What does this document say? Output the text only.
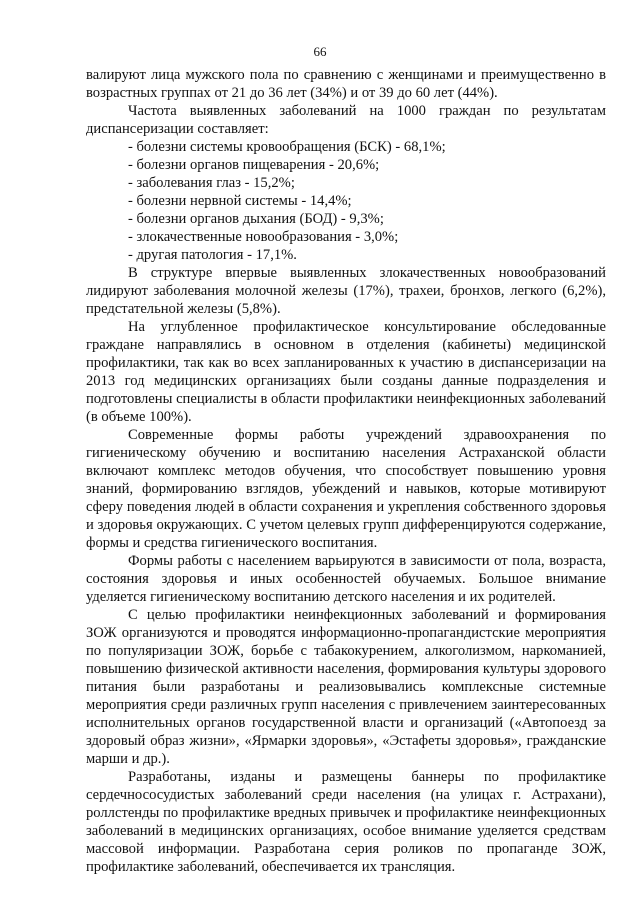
66

валируют лица мужского пола по сравнению с женщинами и преимущественно в возрастных группах от 21 до 36 лет (34%) и от 39 до 60 лет (44%).

Частота выявленных заболеваний на 1000 граждан по результатам диспансеризации составляет:

- болезни системы кровообращения (БСК) - 68,1%;
- болезни органов пищеварения - 20,6%;
- заболевания глаз - 15,2%;
- болезни нервной системы - 14,4%;
- болезни органов дыхания (БОД) - 9,3%;
- злокачественные новообразования - 3,0%;
- другая патология - 17,1%.

В структуре впервые выявленных злокачественных новообразований лидируют заболевания молочной железы (17%), трахеи, бронхов, легкого (6,2%), предстательной железы (5,8%).

На углубленное профилактическое консультирование обследованные граждане направлялись в основном в отделения (кабинеты) медицинской профилактики, так как во всех запланированных к участию в диспансеризации на 2013 год медицинских организациях были созданы данные подразделения и подготовлены специалисты в области профилактики неинфекционных заболеваний (в объеме 100%).

Современные формы работы учреждений здравоохранения по гигиеническому обучению и воспитанию населения Астраханской области включают комплекс методов обучения, что способствует повышению уровня знаний, формированию взглядов, убеждений и навыков, которые мотивируют сферу поведения людей в области сохранения и укрепления собственного здоровья и здоровья окружающих. С учетом целевых групп дифференцируются содержание, формы и средства гигиенического воспитания.

Формы работы с населением варьируются в зависимости от пола, возраста, состояния здоровья и иных особенностей обучаемых. Большое внимание уделяется гигиеническому воспитанию детского населения и их родителей.

С целью профилактики неинфекционных заболеваний и формирования ЗОЖ организуются и проводятся информационно-пропагандистские мероприятия по популяризации ЗОЖ, борьбе с табакокурением, алкоголизмом, наркоманией, повышению физической активности населения, формирования культуры здорового питания были разработаны и реализовывались комплексные системные мероприятия среди различных групп населения с привлечением заинтересованных исполнительных органов государственной власти и организаций («Автопоезд за здоровый образ жизни», «Ярмарки здоровья», «Эстафеты здоровья», гражданские марши и др.).

Разработаны, изданы и размещены баннеры по профилактике сердечнососудистых заболеваний среди населения (на улицах г. Астрахани), роллстенды по профилактике вредных привычек и профилактике неинфекционных заболеваний в медицинских организациях, особое внимание уделяется средствам массовой информации. Разработана серия роликов по пропаганде ЗОЖ, профилактике заболеваний, обеспечивается их трансляция.
